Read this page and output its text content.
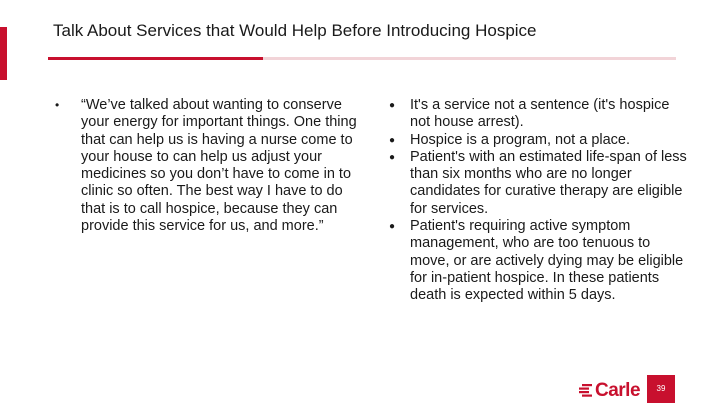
Talk About Services that Would Help Before Introducing Hospice
• “We’ve talked about wanting to conserve your energy for important things. One thing that can help us is having a nurse come to your house to can help us adjust your medicines so you don’t have to come in to clinic so often. The best way I have to do that is to call hospice, because they can provide this service for us, and more.”
● It's a service not a sentence (it's hospice not house arrest).
● Hospice is a program, not a place.
● Patient's with an estimated life-span of less than six months who are no longer candidates for curative therapy are eligible for services.
● Patient's requiring active symptom management, who are too tenuous to move, or are actively dying may be eligible for in-patient hospice. In these patients death is expected within 5 days.
Carle	39
